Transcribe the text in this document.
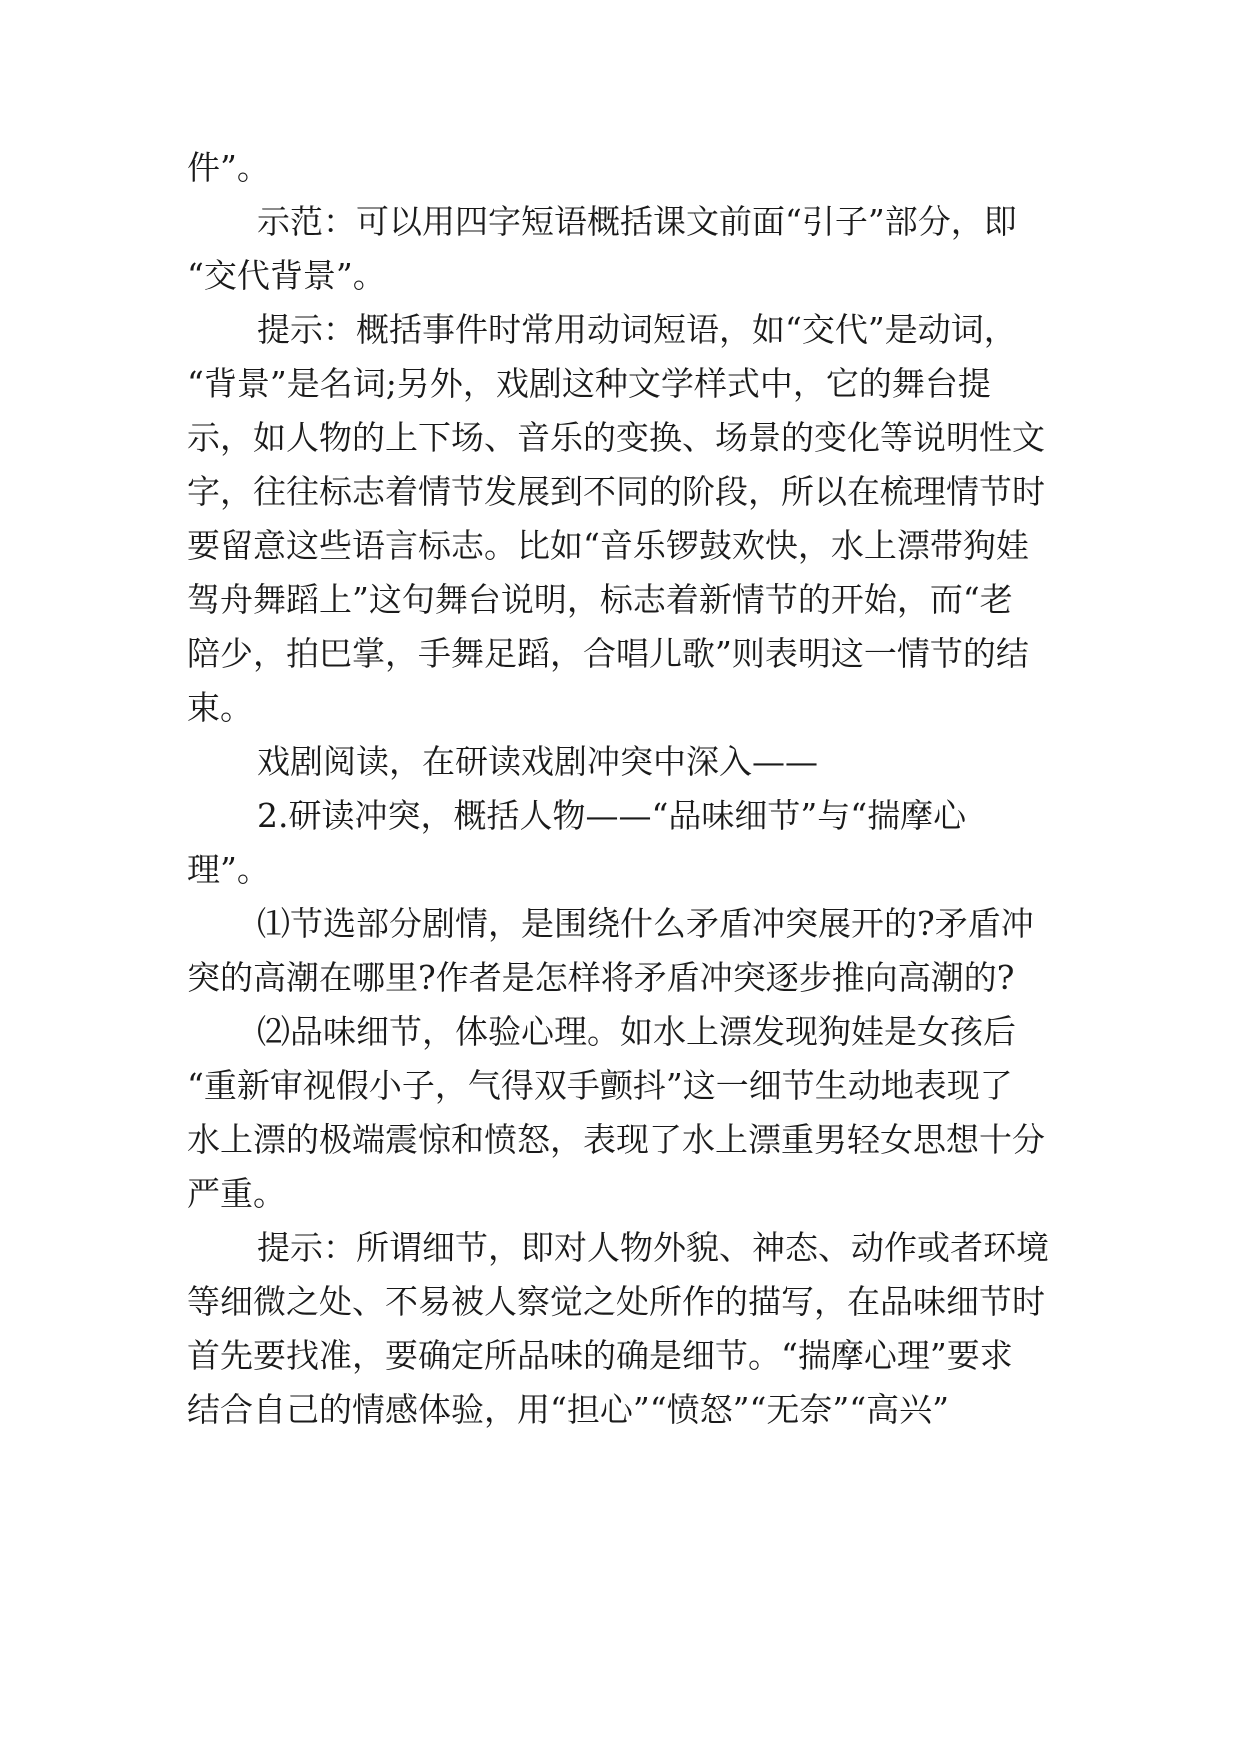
件”。

示范：可以用四字短语概括课文前面“引子”部分，即

“交代背景”。

提示：概括事件时常用动词短语，如“交代”是动词，

“背景”是名词;另外，戏剧这种文学样式中，它的舞台提

示，如人物的上下场、音乐的变换、场景的变化等说明性文

字，往往标志着情节发展到不同的阶段，所以在梳理情节时

要留意这些语言标志。比如“音乐锣鼓欢快，水上漂带狗娃

驾舟舞蹈上”这句舞台说明，标志着新情节的开始，而“老

陪少，拍巴掌，手舞足蹈，合唱儿歌”则表明这一情节的结

束。

戏剧阅读，在研读戏剧冲突中深入——

2.研读冲突，概括人物——“品味细节”与“揣摩心

理”。

⑴节选部分剧情，是围绕什么矛盾冲突展开的?矛盾冲

突的高潮在哪里?作者是怎样将矛盾冲突逐步推向高潮的?

⑵品味细节，体验心理。如水上漂发现狗娃是女孩后

“重新审视假小子，气得双手颤抖”这一细节生动地表现了

水上漂的极端震惊和愤怒，表现了水上漂重男轻女思想十分

严重。

提示：所谓细节，即对人物外貌、神态、动作或者环境

等细微之处、不易被人察觉之处所作的描写，在品味细节时

首先要找准，要确定所品味的确是细节。“揣摩心理”要求

结合自己的情感体验，用“担心”“愤怒”“无奈”“高兴”
